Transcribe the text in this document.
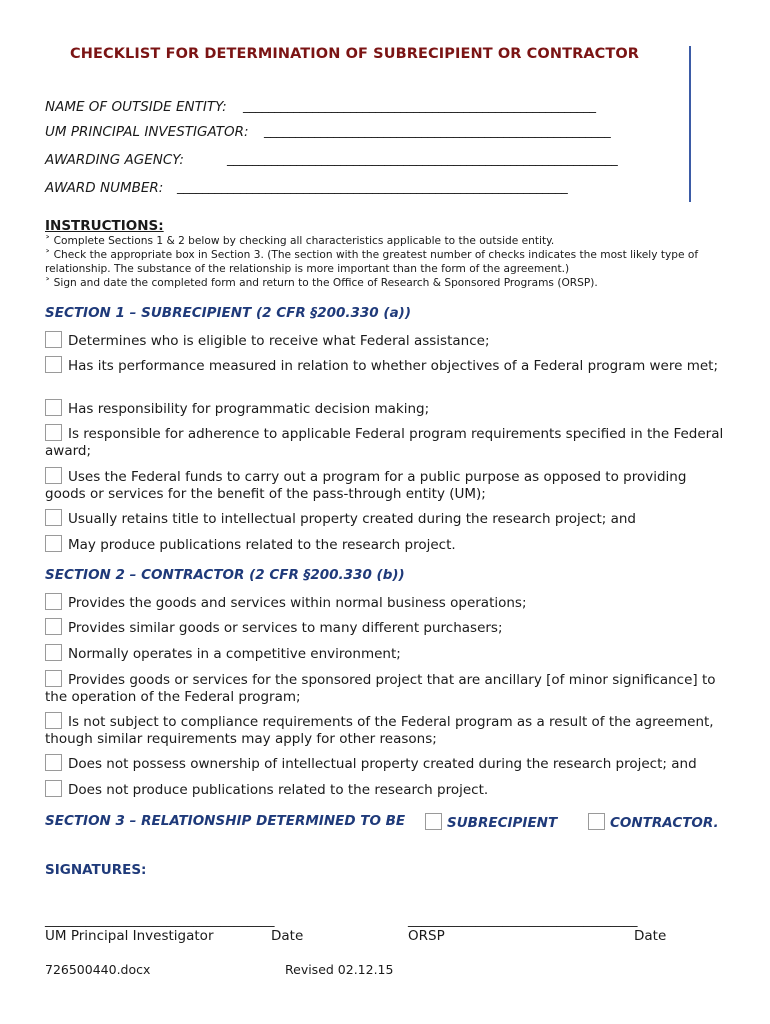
CHECKLIST FOR DETERMINATION OF SUBRECIPIENT OR CONTRACTOR
NAME OF OUTSIDE ENTITY: ________________________________________________________
UM PRINCIPAL INVESTIGATOR: _______________________________________________________
AWARDING AGENCY:	______________________________________________________________
AWARD NUMBER: ______________________________________________________________
INSTRUCTIONS:
˃ Complete Sections 1 & 2 below by checking all characteristics applicable to the outside entity.
˃ Check the appropriate box in Section 3. (The section with the greatest number of checks indicates the most likely type of relationship. The substance of the relationship is more important than the form of the agreement.)
˃ Sign and date the completed form and return to the Office of Research & Sponsored Programs (ORSP).
SECTION 1 – SUBRECIPIENT (2 CFR §200.330 (a))
Determines who is eligible to receive what Federal assistance;
Has its performance measured in relation to whether objectives of a Federal program were met;
Has responsibility for programmatic decision making;
Is responsible for adherence to applicable Federal program requirements specified in the Federal award;
Uses the Federal funds to carry out a program for a public purpose as opposed to providing goods or services for the benefit of the pass-through entity (UM);
Usually retains title to intellectual property created during the research project; and
May produce publications related to the research project.
SECTION 2 – CONTRACTOR (2 CFR §200.330 (b))
Provides the goods and services within normal business operations;
Provides similar goods or services to many different purchasers;
Normally operates in a competitive environment;
Provides goods or services for the sponsored project that are ancillary [of minor significance] to the operation of the Federal program;
Is not subject to compliance requirements of the Federal program as a result of the agreement, though similar requirements may apply for other reasons;
Does not possess ownership of intellectual property created during the research project; and
Does not produce publications related to the research project.
SECTION 3 – RELATIONSHIP DETERMINED TO BE	SUBRECIPIENT	CONTRACTOR.
SIGNATURES:
__________________________________	__________________________________
UM Principal Investigator	Date	ORSP	Date
726500440.docx	Revised 02.12.15
